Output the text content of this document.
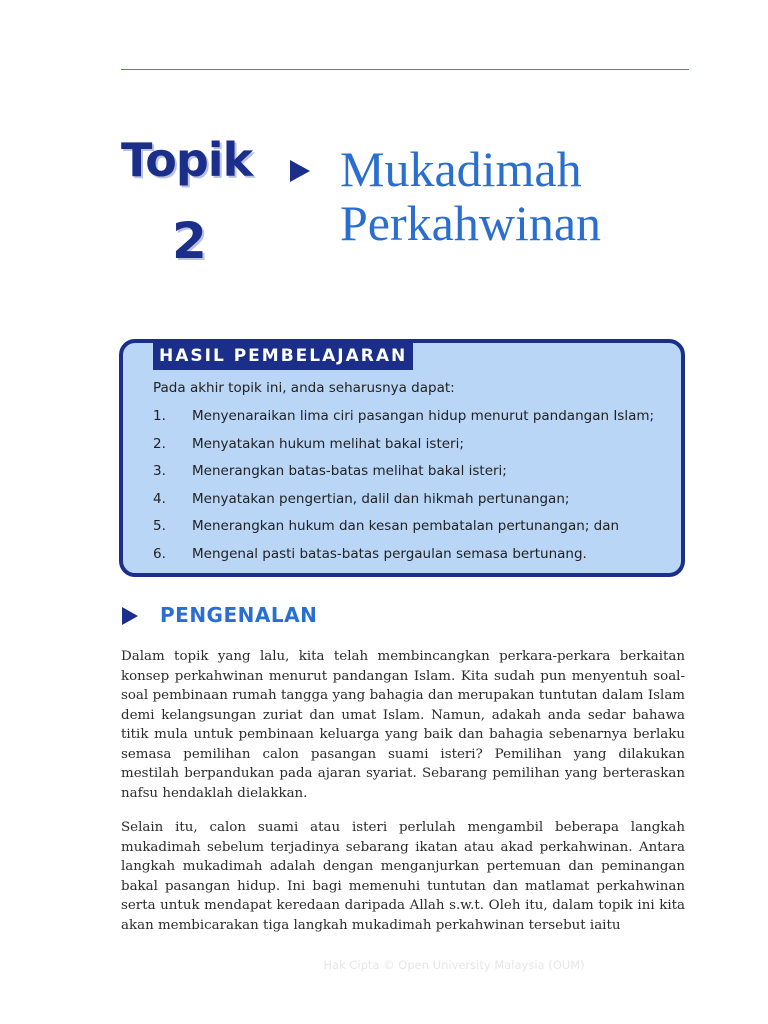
Topik
2
Mukadimah
Perkahwinan
HASIL PEMBELAJARAN
Pada akhir topik ini, anda seharusnya dapat:
1. Menyenaraikan lima ciri pasangan hidup menurut pandangan Islam;
2. Menyatakan hukum melihat bakal isteri;
3. Menerangkan batas-batas melihat bakal isteri;
4. Menyatakan pengertian, dalil dan hikmah pertunangan;
5. Menerangkan hukum dan kesan pembatalan pertunangan; dan
6. Mengenal pasti batas-batas pergaulan semasa bertunang.
PENGENALAN

Dalam topik yang lalu, kita telah membincangkan perkara-perkara berkaitan konsep perkahwinan menurut pandangan Islam. Kita sudah pun menyentuh soal-soal pembinaan rumah tangga yang bahagia dan merupakan tuntutan dalam Islam demi kelangsungan zuriat dan umat Islam. Namun, adakah anda sedar bahawa titik mula untuk pembinaan keluarga yang baik dan bahagia sebenarnya berlaku semasa pemilihan calon pasangan suami isteri? Pemilihan yang dilakukan mestilah berpandukan pada ajaran syariat. Sebarang pemilihan yang berteraskan nafsu hendaklah dielakkan.

Selain itu, calon suami atau isteri perlulah mengambil beberapa langkah mukadimah sebelum terjadinya sebarang ikatan atau akad perkahwinan. Antara langkah mukadimah adalah dengan menganjurkan pertemuan dan peminangan bakal pasangan hidup. Ini bagi memenuhi tuntutan dan matlamat perkahwinan serta untuk mendapat keredaan daripada Allah s.w.t. Oleh itu, dalam topik ini kita akan membicarakan tiga langkah mukadimah perkahwinan tersebut iaitu

Hak Cipta © Open University Malaysia (OUM)
